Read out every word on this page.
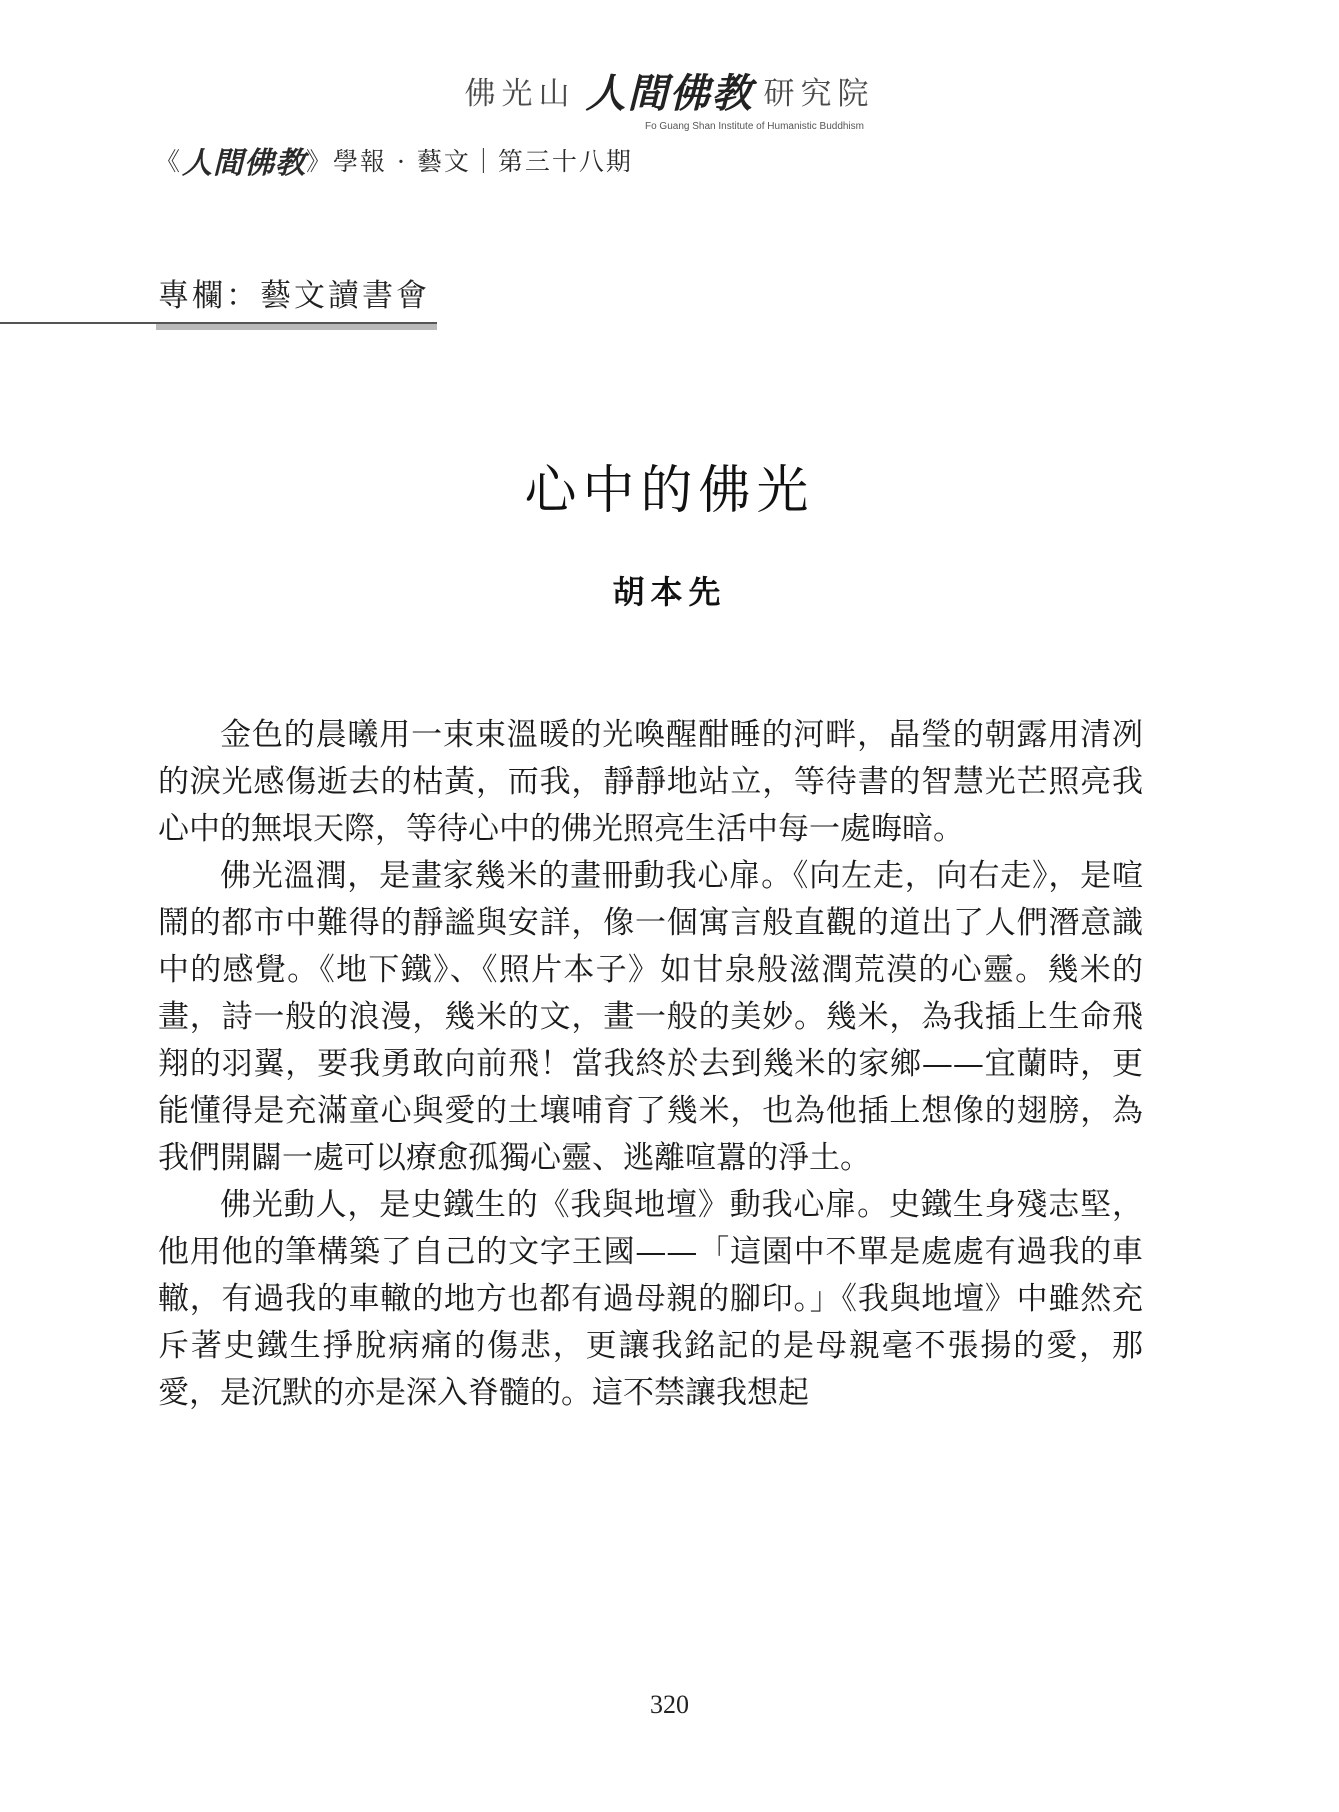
佛光山 人間佛教 研究院
Fo Guang Shan Institute of Humanistic Buddhism
《 人間佛教 》 學報 · 藝文｜第三十八期
專欄：藝文讀書會
心中的佛光
胡本先

金色的晨曦用一束束溫暖的光喚醒酣睡的河畔，晶瑩的朝露用清冽的淚光感傷逝去的枯黃，而我，靜靜地站立，等待書的智慧光芒照亮我心中的無垠天際，等待心中的佛光照亮生活中每一處晦暗。

佛光溫潤，是畫家幾米的畫冊動我心扉。《向左走，向右走》，是喧鬧的都市中難得的靜謐與安詳，像一個寓言般直觀的道出了人們潛意識中的感覺。《地下鐵》、《照片本子》如甘泉般滋潤荒漠的心靈。幾米的畫，詩一般的浪漫，幾米的文，畫一般的美妙。幾米，為我插上生命飛翔的羽翼，要我勇敢向前飛！當我終於去到幾米的家鄉——宜蘭時，更能懂得是充滿童心與愛的土壤哺育了幾米，也為他插上想像的翅膀，為我們開闢一處可以療愈孤獨心靈、逃離喧囂的淨土。

佛光動人，是史鐵生的《我與地壇》動我心扉。史鐵生身殘志堅，他用他的筆構築了自己的文字王國——「這園中不單是處處有過我的車轍，有過我的車轍的地方也都有過母親的腳印。」《我與地壇》中雖然充斥著史鐵生掙脫病痛的傷悲，更讓我銘記的是母親毫不張揚的愛，那愛，是沉默的亦是深入脊髓的。這不禁讓我想起

320
